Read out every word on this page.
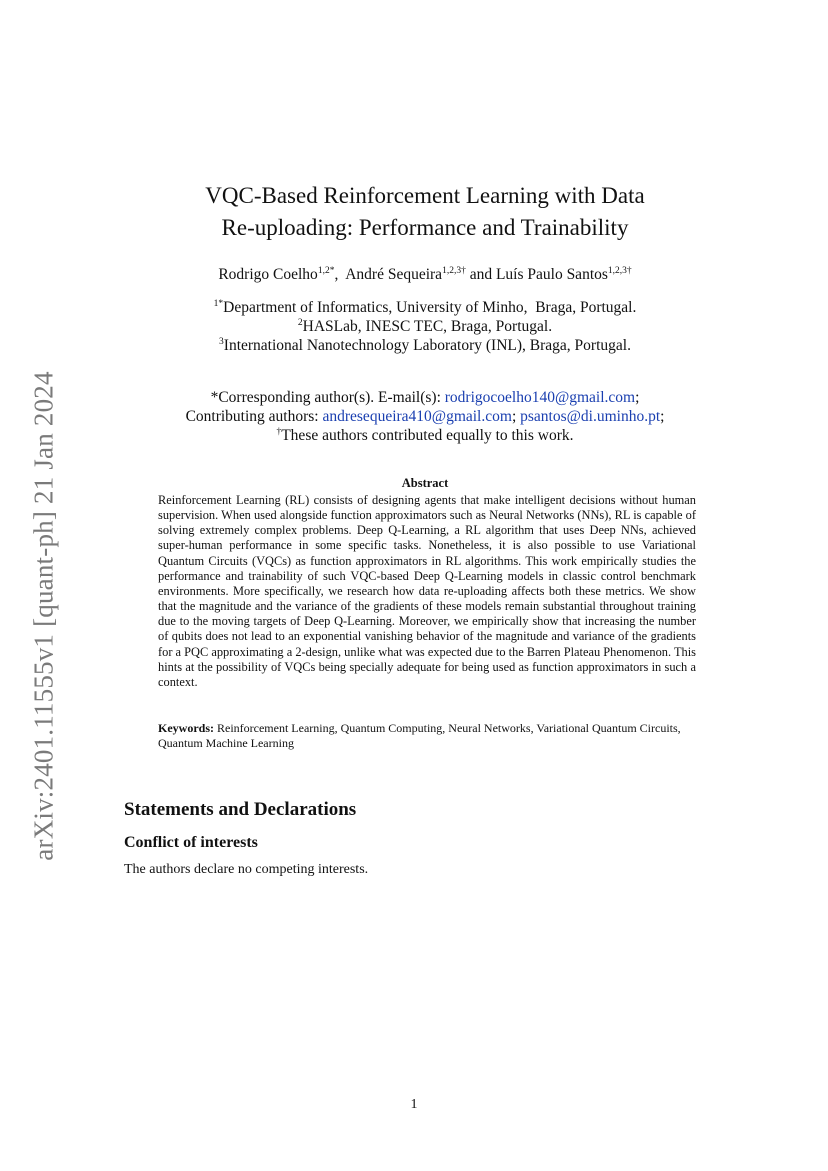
arXiv:2401.11555v1 [quant-ph] 21 Jan 2024
VQC-Based Reinforcement Learning with Data
Re-uploading: Performance and Trainability
Rodrigo Coelho$^{1,2*}$,  André Sequeira$^{1,2,3\dagger}$ and Luís Paulo Santos$^{1,2,3\dagger}$
$^{1*}$Department of Informatics, University of Minho,  Braga, Portugal.
$^2$HASLab, INESC TEC, Braga, Portugal.
$^3$International Nanotechnology Laboratory (INL), Braga, Portugal.
*Corresponding author(s). E-mail(s): rodrigocoelho140@gmail.com;
Contributing authors: andresequeira410@gmail.com; psantos@di.uminho.pt;
†These authors contributed equally to this work.
Abstract
Reinforcement Learning (RL) consists of designing agents that make intelligent decisions without human supervision. When used alongside function approximators such as Neural Networks (NNs), RL is capable of solving extremely complex problems. Deep Q-Learning, a RL algorithm that uses Deep NNs, achieved super-human performance in some specific tasks. Nonetheless, it is also possible to use Variational Quantum Circuits (VQCs) as function approximators in RL algorithms. This work empirically studies the performance and trainability of such VQC-based Deep Q-Learning models in classic control benchmark environments. More specifically, we research how data re-uploading affects both these metrics. We show that the magnitude and the variance of the gradients of these models remain substantial throughout training due to the moving targets of Deep Q-Learning. Moreover, we empirically show that increasing the number of qubits does not lead to an exponential vanishing behavior of the magnitude and variance of the gradients for a PQC approximating a 2-design, unlike what was expected due to the Barren Plateau Phenomenon. This hints at the possibility of VQCs being specially adequate for being used as function approximators in such a context.
Keywords: Reinforcement Learning, Quantum Computing, Neural Networks, Variational Quantum Circuits, Quantum Machine Learning
Statements and Declarations
Conflict of interests
The authors declare no competing interests.
1
